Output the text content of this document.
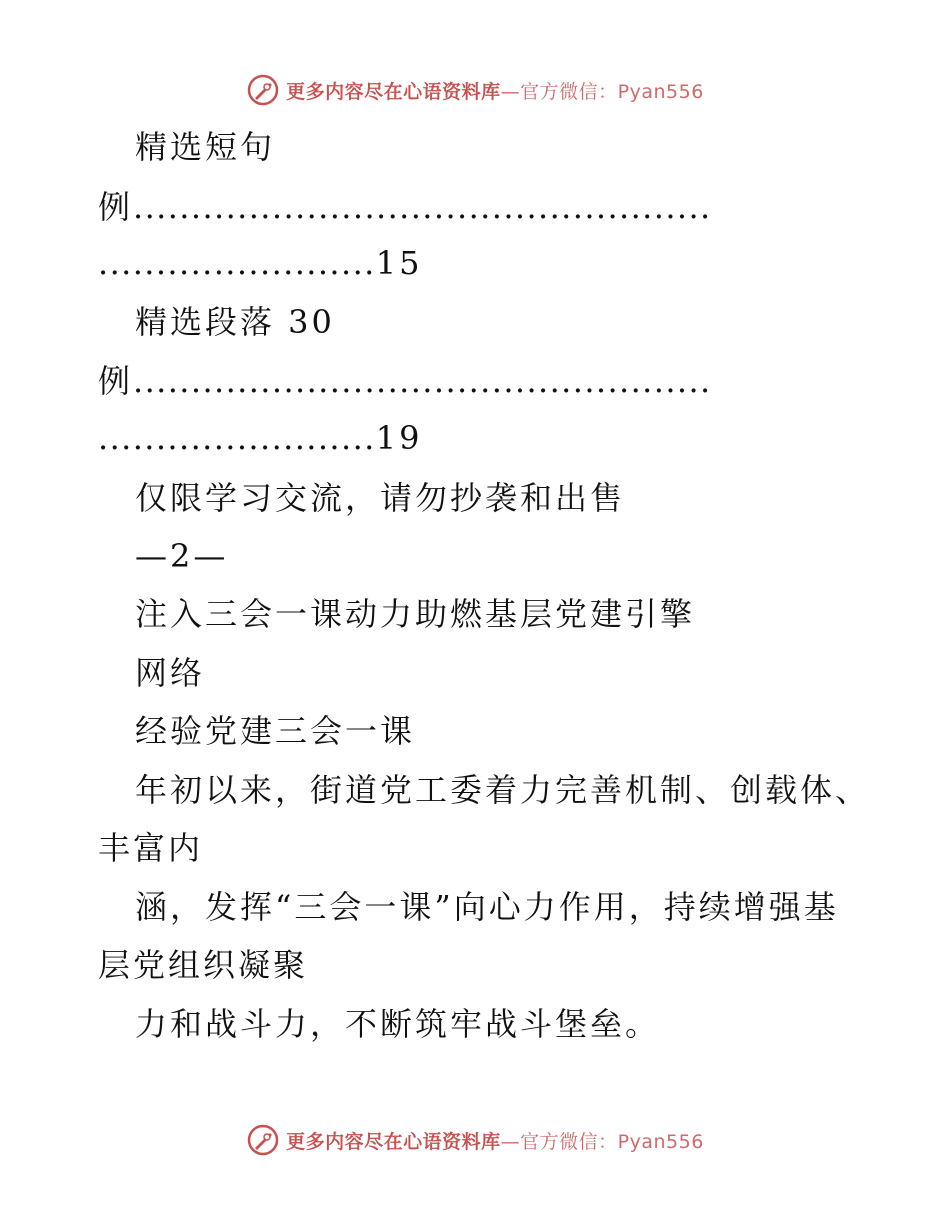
更多内容尽在心语资料库 —官方微信：Pyan556
精选短句
例..................................................
........................15
精选段落 30
例..................................................
........................19
仅限学习交流，请勿抄袭和出售
—2—
注入三会一课动力助燃基层党建引擎
网络
经验党建三会一课
年初以来，街道党工委着力完善机制、创载体、
丰富内
涵，发挥“三会一课”向心力作用，持续增强基
层党组织凝聚
力和战斗力，不断筑牢战斗堡垒。
更多内容尽在心语资料库 —官方微信：Pyan556
